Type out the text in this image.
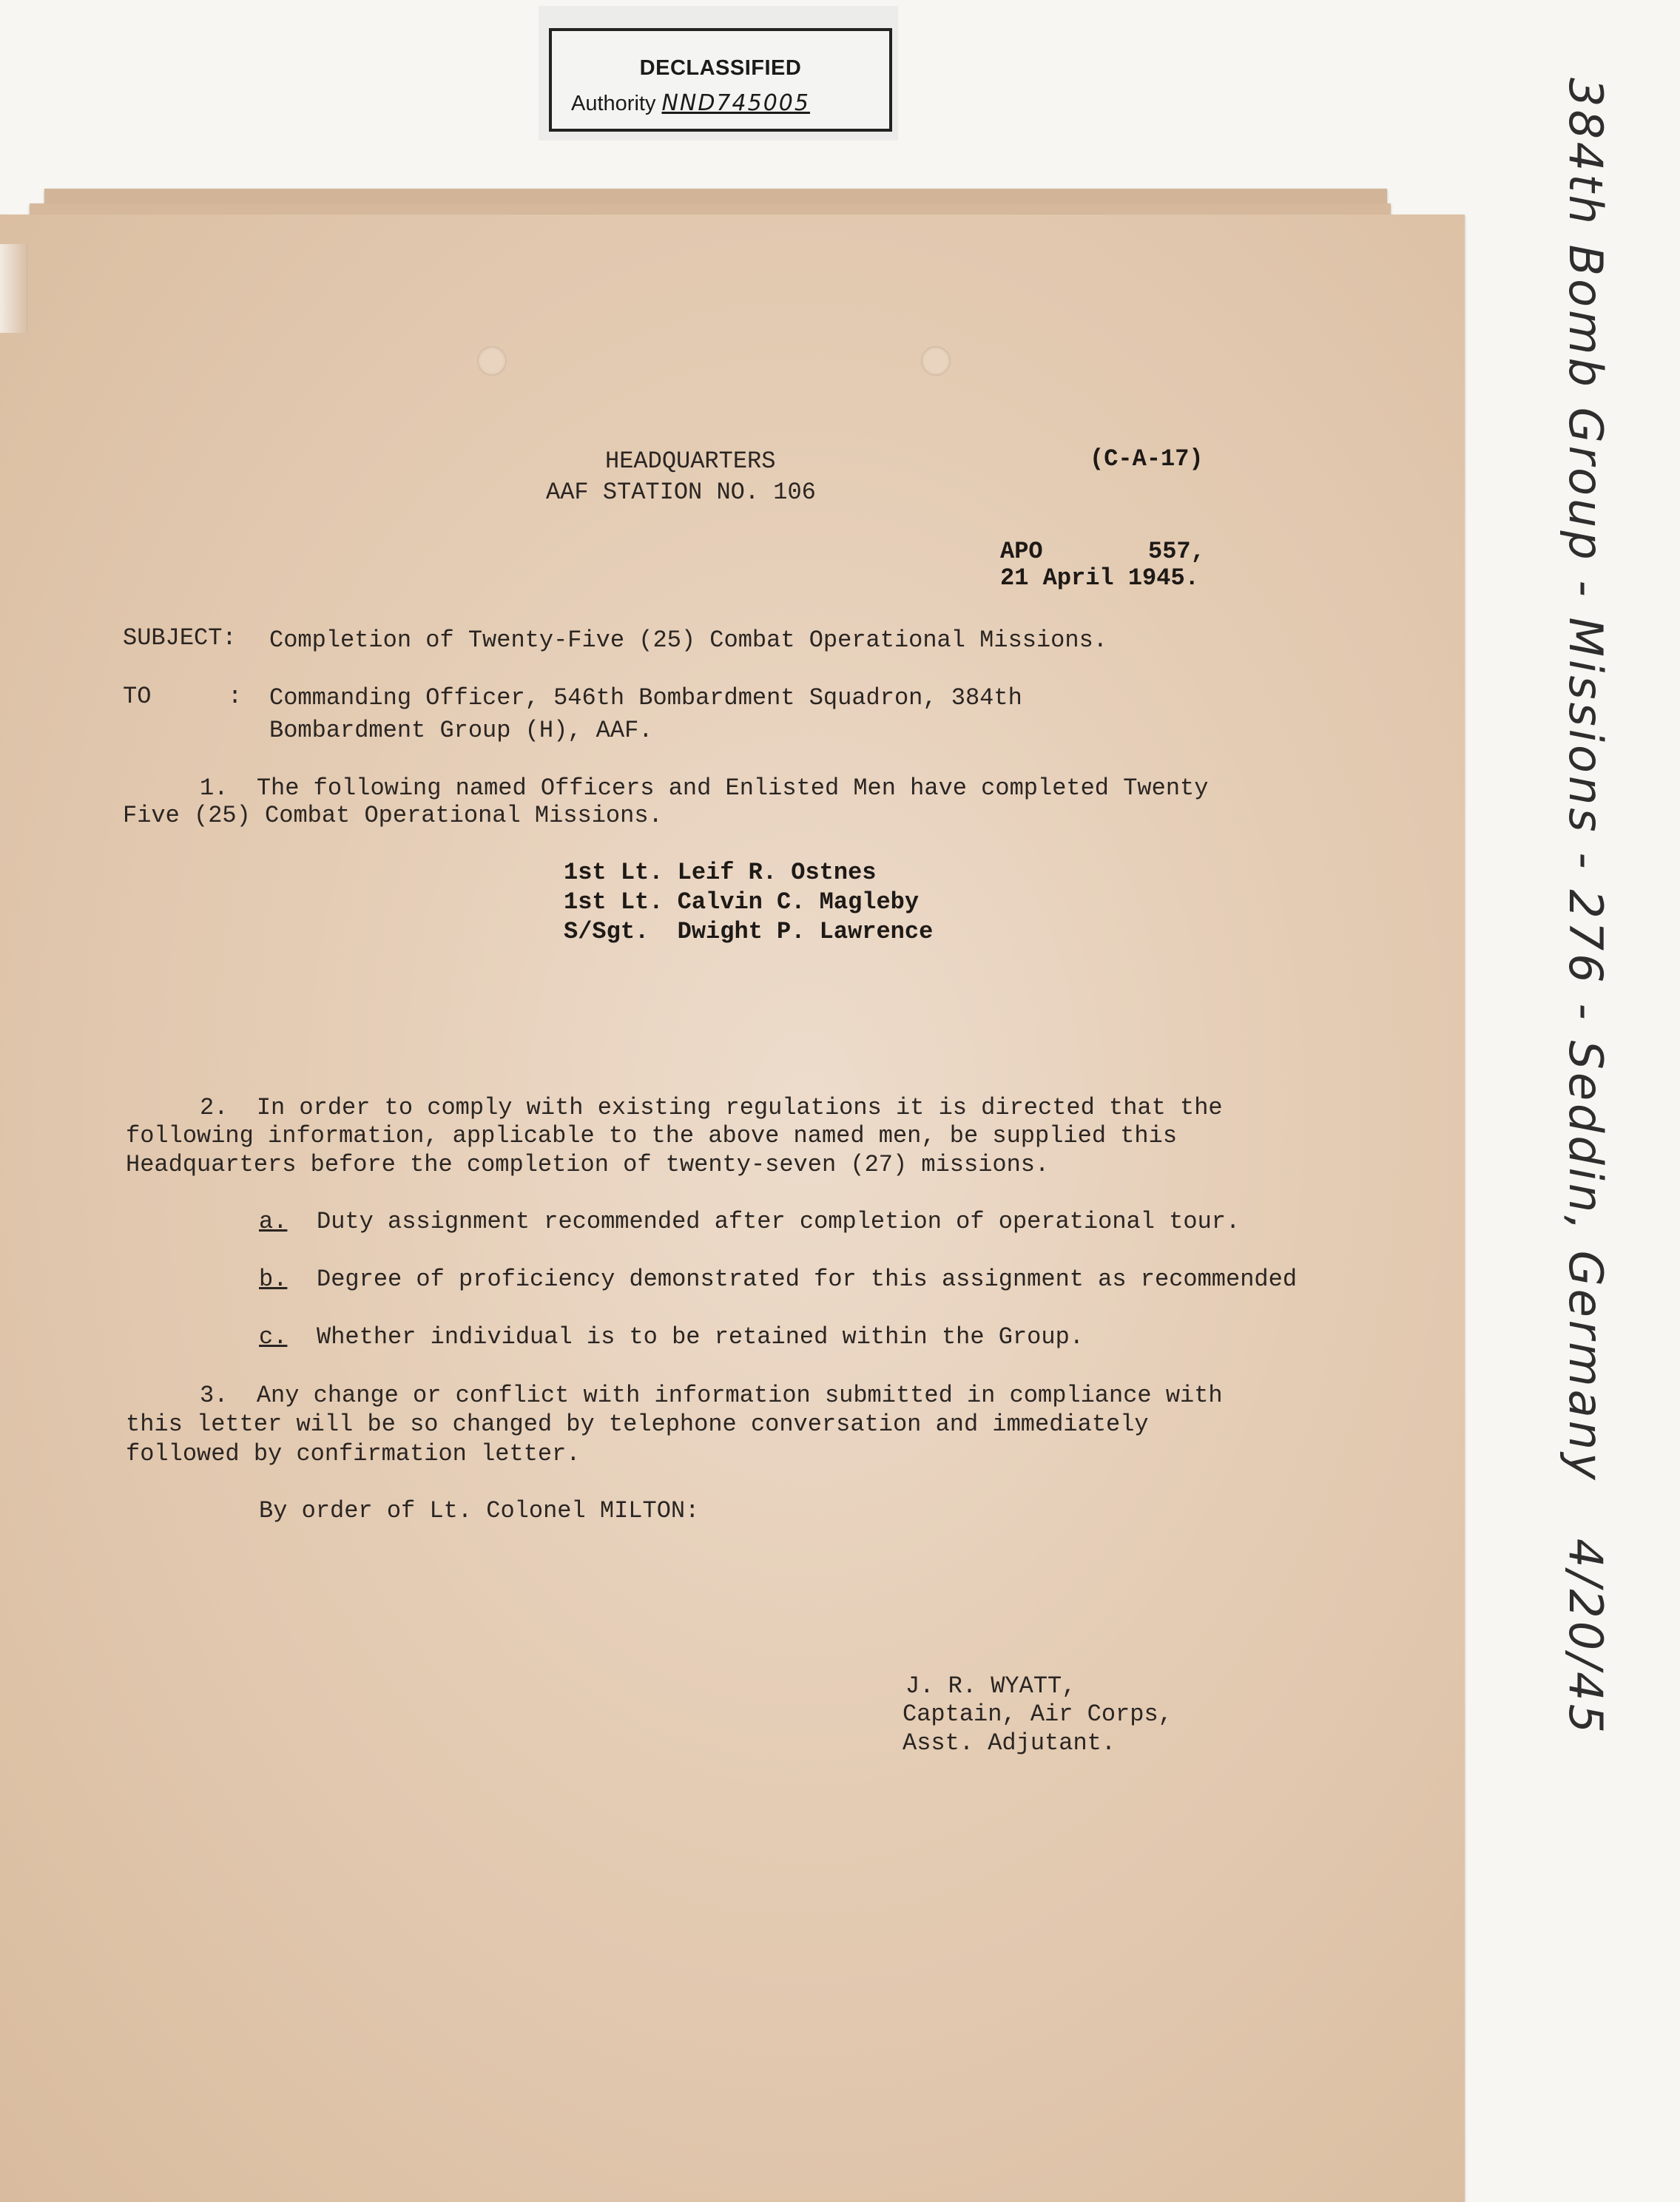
DECLASSIFIED
Authority NND745005
HEADQUARTERS
AAF STATION NO. 106
(C-A-17)
APO	557,
21 April 1945.
SUBJECT: Completion of Twenty-Five (25) Combat Operational Missions.
TO	: Commanding Officer, 546th Bombardment Squadron, 384th
Bombardment Group (H), AAF.
1.  The following named Officers and Enlisted Men have completed Twenty
Five (25) Combat Operational Missions.
1st Lt. Leif R. Ostnes
1st Lt. Calvin C. Magleby
S/Sgt.  Dwight P. Lawrence
2.  In order to comply with existing regulations it is directed that the
following information, applicable to the above named men, be supplied this
Headquarters before the completion of twenty-seven (27) missions.
a. Duty assignment recommended after completion of operational tour.
b. Degree of proficiency demonstrated for this assignment as recommended
c. Whether individual is to be retained within the Group.
3.  Any change or conflict with information submitted in compliance with
this letter will be so changed by telephone conversation and immediately
followed by confirmation letter.
By order of Lt. Colonel MILTON:
J. R. WYATT,
Captain, Air Corps,
Asst. Adjutant.
384th Bomb Group - Missions - 276 - Seddin, Germany
4/20/45
